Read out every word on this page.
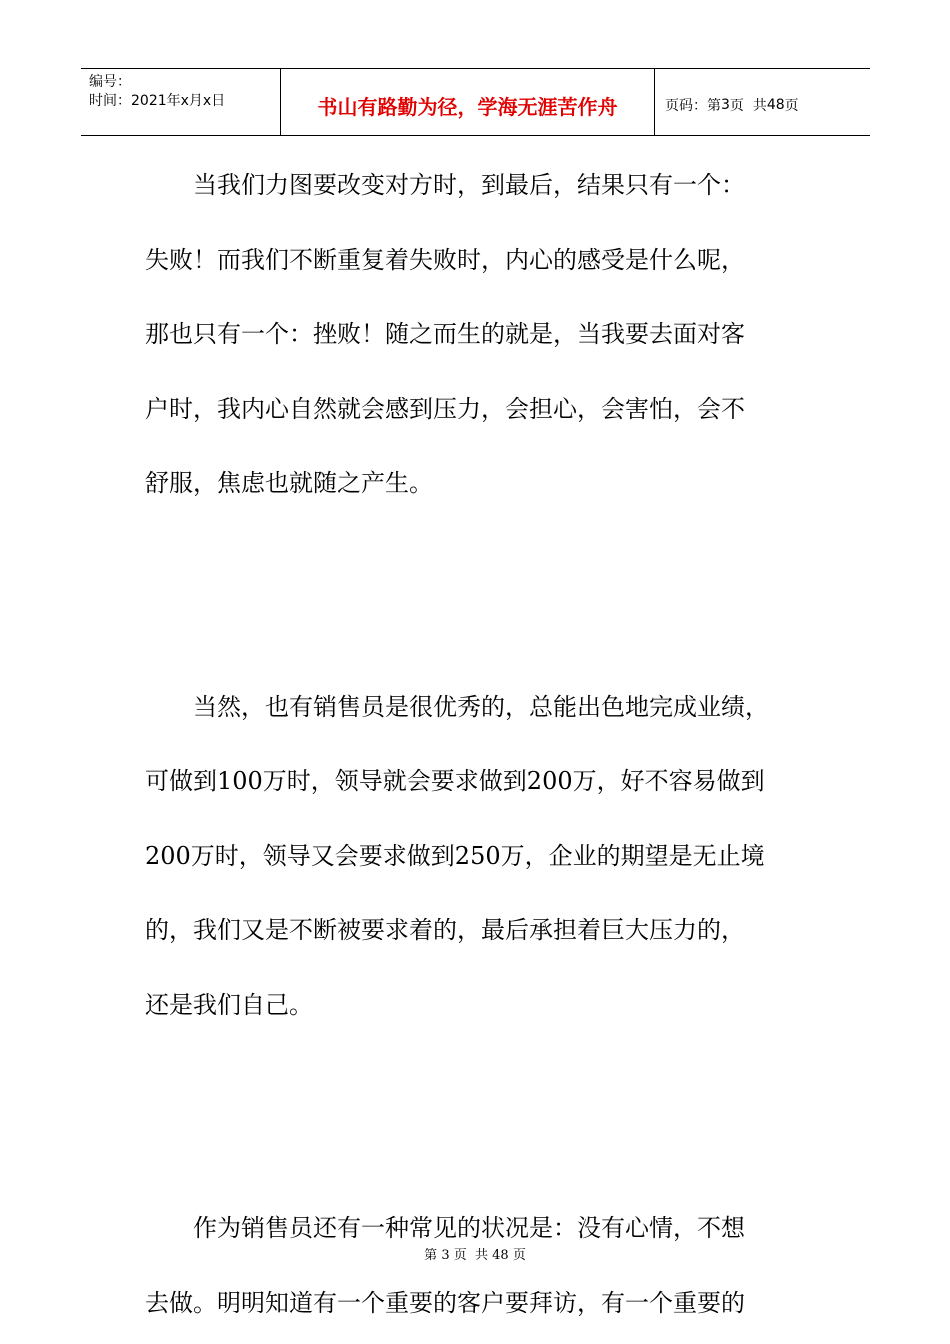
编号：
时间：2021年x月x日	书山有路勤为径，学海无涯苦作舟	页码：第 3 页  共 48 页
　　当我们力图要改变对方时，到最后，结果只有一个：
失败！而我们不断重复着失败时，内心的感受是什么呢，
那也只有一个：挫败！随之而生的就是，当我要去面对客
户时，我内心自然就会感到压力，会担心，会害怕，会不
舒服，焦虑也就随之产生。
　　当然，也有销售员是很优秀的，总能出色地完成业绩，
可做到100万时，领导就会要求做到200万，好不容易做到
200万时，领导又会要求做到250万，企业的期望是无止境
的，我们又是不断被要求着的，最后承担着巨大压力的，
还是我们自己。
　　作为销售员还有一种常见的状况是：没有心情，不想
去做。明明知道有一个重要的客户要拜访，有一个重要的
第 3 页  共 48 页
